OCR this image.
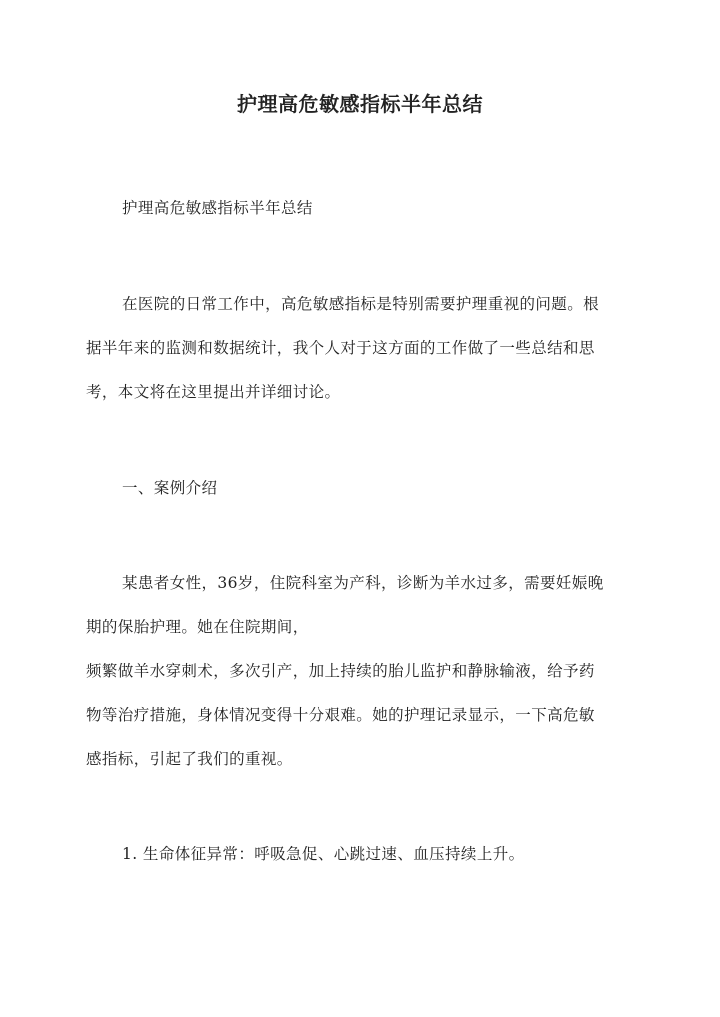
护理高危敏感指标半年总结

护理高危敏感指标半年总结

在医院的日常工作中，高危敏感指标是特别需要护理重视的问题。根
据半年来的监测和数据统计，我个人对于这方面的工作做了一些总结和思
考，本文将在这里提出并详细讨论。

一、案例介绍

某患者女性，36岁，住院科室为产科，诊断为羊水过多，需要妊娠晚
期的保胎护理。她在住院期间，
频繁做羊水穿刺术，多次引产，加上持续的胎儿监护和静脉输液，给予药
物等治疗措施，身体情况变得十分艰难。她的护理记录显示，一下高危敏
感指标，引起了我们的重视。

1. 生命体征异常：呼吸急促、心跳过速、血压持续上升。
